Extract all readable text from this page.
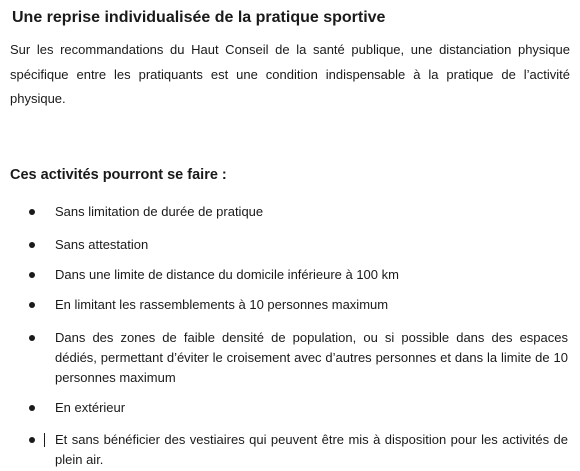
Une reprise individualisée de la pratique sportive
Sur les recommandations du Haut Conseil de la santé publique, une distanciation physique spécifique entre les pratiquants est une condition indispensable à la pratique de l’activité physique.
Ces activités pourront se faire :
Sans limitation de durée de pratique
Sans attestation
Dans une limite de distance du domicile inférieure à 100 km
En limitant les rassemblements à 10 personnes maximum
Dans des zones de faible densité de population, ou si possible dans des espaces dédiés, permettant d’éviter le croisement avec d’autres personnes et dans la limite de 10 personnes maximum
En extérieur
Et sans bénéficier des vestiaires qui peuvent être mis à disposition pour les activités de plein air.
